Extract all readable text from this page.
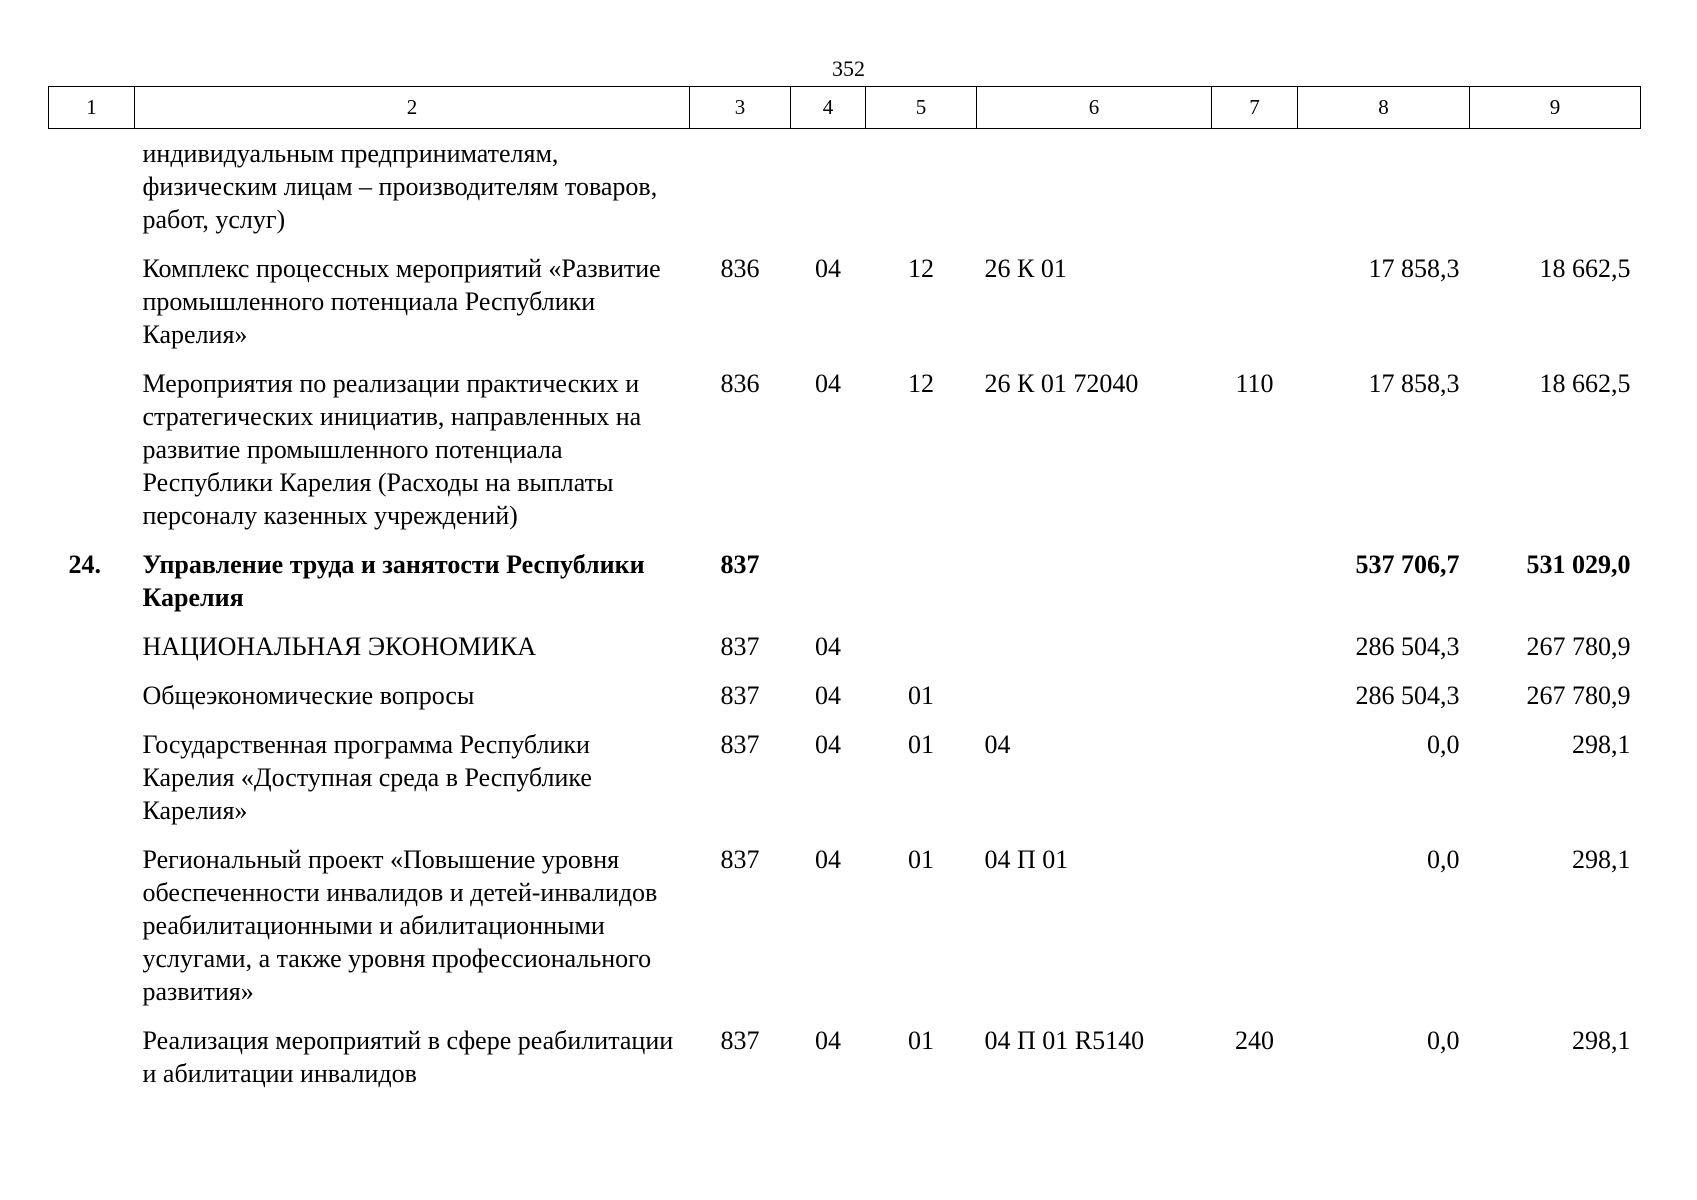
352
1	2	3	4	5	6	7	8	9
	индивидуальным предпринимателям, физическим лицам – производителям товаров, работ, услуг)							
	Комплекс процессных мероприятий «Развитие промышленного потенциала Республики Карелия»	836	04	12	26 К 01		17 858,3	18 662,5
	Мероприятия по реализации практических и стратегических инициатив, направленных на развитие промышленного потенциала Республики Карелия (Расходы на выплаты персоналу казенных учреждений)	836	04	12	26 К 01 72040	110	17 858,3	18 662,5
24.	Управление труда и занятости Республики Карелия	837					537 706,7	531 029,0
	НАЦИОНАЛЬНАЯ ЭКОНОМИКА	837	04				286 504,3	267 780,9
	Общеэкономические вопросы	837	04	01			286 504,3	267 780,9
	Государственная программа Республики Карелия «Доступная среда в Республике Карелия»	837	04	01	04		0,0	298,1
	Региональный проект «Повышение уровня обеспеченности инвалидов и детей-инвалидов реабилитационными и абилитационными услугами, а также уровня профессионального развития»	837	04	01	04 П 01		0,0	298,1
	Реализация мероприятий в сфере реабилитации и абилитации инвалидов	837	04	01	04 П 01 R5140	240	0,0	298,1
